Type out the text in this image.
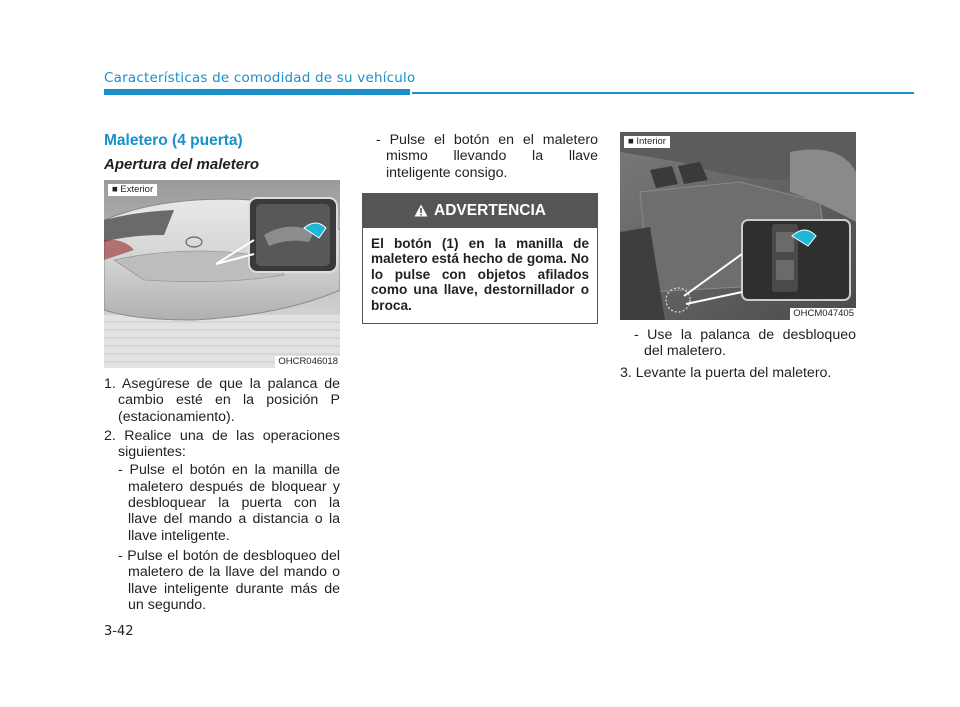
Características de comodidad de su vehículo
Maletero (4 puerta)
Apertura del maletero
■ Exterior
OHCR046018

1. Asegúrese de que la palanca de cambio esté en la posición P (estacionamiento).

2. Realice una de las operaciones siguientes:

- Pulse el botón en la manilla de maletero después de bloquear y desbloquear la puerta con la llave del mando a distancia o la llave inteligente.

- Pulse el botón de desbloqueo del maletero de la llave del mando o llave inteligente durante más de un segundo.

- Pulse el botón en el maletero mismo llevando la llave inteligente consigo.

ADVERTENCIA
El botón (1) en la manilla de maletero está hecho de goma. No lo pulse con objetos afilados como una llave, destornillador o broca.
■ Interior
OHCM047405

- Use la palanca de desbloqueo del maletero.

3. Levante la puerta del maletero.

3-42
